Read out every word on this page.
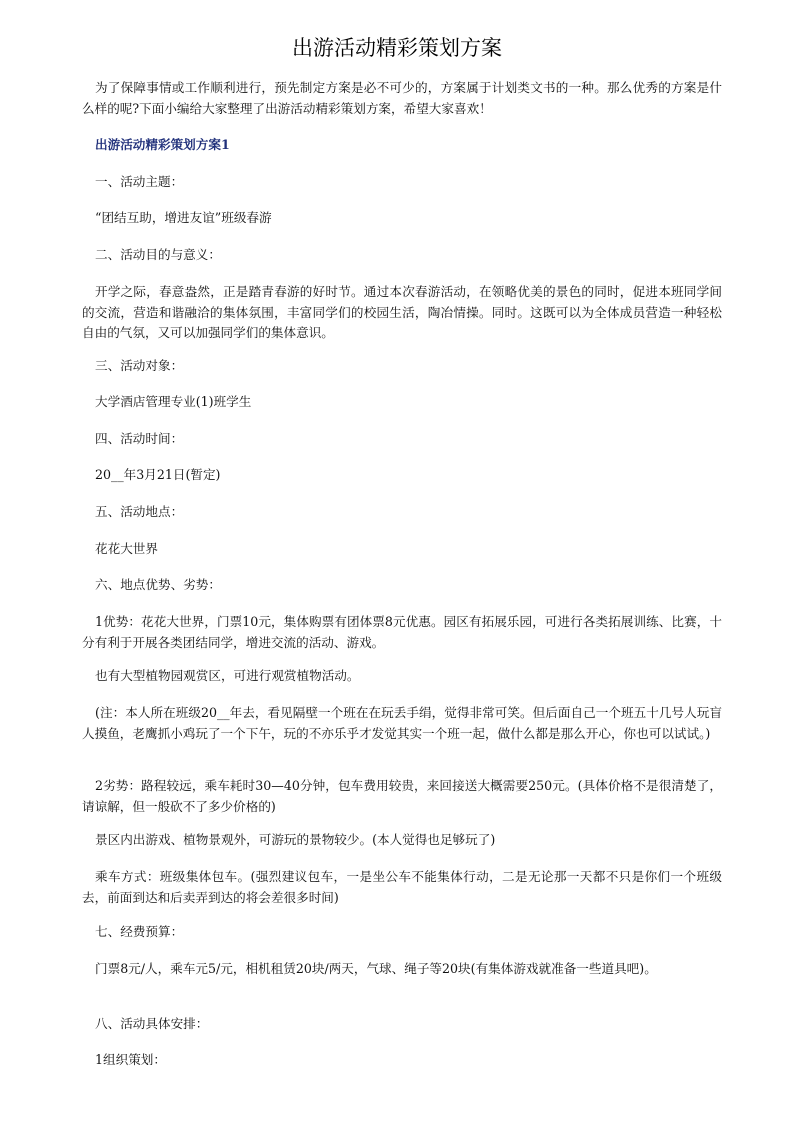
出游活动精彩策划方案

为了保障事情或工作顺利进行，预先制定方案是必不可少的，方案属于计划类文书的一种。那么优秀的方案是什么样的呢?下面小编给大家整理了出游活动精彩策划方案，希望大家喜欢！

出游活动精彩策划方案1

一、活动主题：

“团结互助，增进友谊”班级春游

二、活动目的与意义：

开学之际，春意盎然，正是踏青春游的好时节。通过本次春游活动，在领略优美的景色的同时，促进本班同学间的交流，营造和谐融洽的集体氛围，丰富同学们的校园生活，陶冶情操。同时。这既可以为全体成员营造一种轻松自由的气氛，又可以加强同学们的集体意识。

三、活动对象：

大学酒店管理专业(1)班学生

四、活动时间：

20__年3月21日(暂定)

五、活动地点：

花花大世界

六、地点优势、劣势：

1优势：花花大世界，门票10元，集体购票有团体票8元优惠。园区有拓展乐园，可进行各类拓展训练、比赛，十分有利于开展各类团结同学，增进交流的活动、游戏。

也有大型植物园观赏区，可进行观赏植物活动。

(注：本人所在班级20__年去，看见隔壁一个班在在玩丢手绢，觉得非常可笑。但后面自己一个班五十几号人玩盲人摸鱼，老鹰抓小鸡玩了一个下午，玩的不亦乐乎才发觉其实一个班一起，做什么都是那么开心，你也可以试试。)

2劣势：路程较远，乘车耗时30—40分钟，包车费用较贵，来回接送大概需要250元。(具体价格不是很清楚了，请谅解，但一般砍不了多少价格的)

景区内出游戏、植物景观外，可游玩的景物较少。(本人觉得也足够玩了)

乘车方式：班级集体包车。(强烈建议包车，一是坐公车不能集体行动，二是无论那一天都不只是你们一个班级去，前面到达和后卖弄到达的将会差很多时间)

七、经费预算：

门票8元/人，乘车元5/元，相机租赁20块/两天，气球、绳子等20块(有集体游戏就准备一些道具吧)。

八、活动具体安排：

1组织策划：
